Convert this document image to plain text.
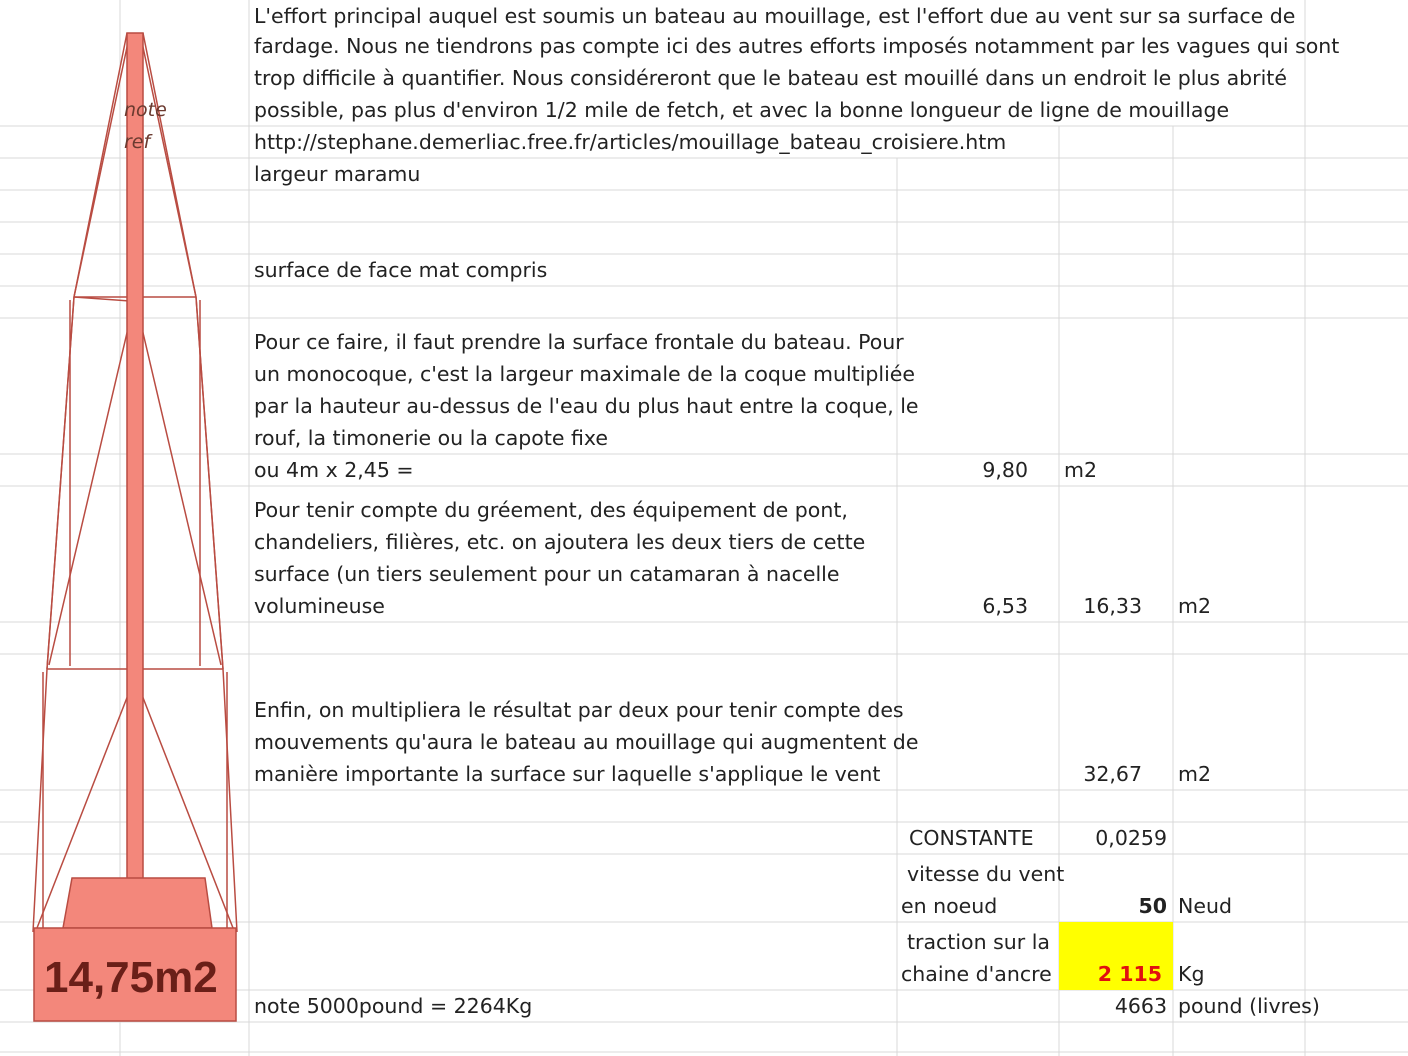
note
ref
14,75m2
L'effort principal auquel est soumis un bateau au mouillage, est l'effort due au vent sur sa surface de
fardage. Nous ne tiendrons pas compte ici des autres efforts imposés notamment par les vagues qui sont
trop difficile à quantifier. Nous considéreront que le bateau est mouillé dans un endroit le plus abrité
possible, pas plus d'environ 1/2 mile de fetch, et avec la bonne longueur de ligne de mouillage
http://stephane.demerliac.free.fr/articles/mouillage_bateau_croisiere.htm
largeur maramu
surface de face mat compris
Pour ce faire, il faut prendre la surface frontale du bateau. Pour
un monocoque, c'est la largeur maximale de la coque multipliée
par la hauteur au-dessus de l'eau du plus haut entre la coque, le
rouf, la timonerie ou la capote fixe
ou 4m x 2,45 =	9,80 m2
Pour tenir compte du gréement, des équipement de pont,
chandeliers, filières, etc. on ajoutera les deux tiers de cette
surface (un tiers seulement pour un catamaran à nacelle
volumineuse	6,53	16,33 m2
Enfin, on multipliera le résultat par deux pour tenir compte des
mouvements qu'aura le bateau au mouillage qui augmentent de
manière importante la surface sur laquelle s'applique le vent	32,67 m2
CONSTANTE	0,0259
vitesse du vent
en noeud	50 Neud
traction sur la
chaine d'ancre	2 115 Kg
note 5000pound = 2264Kg	4663 pound (livres)
